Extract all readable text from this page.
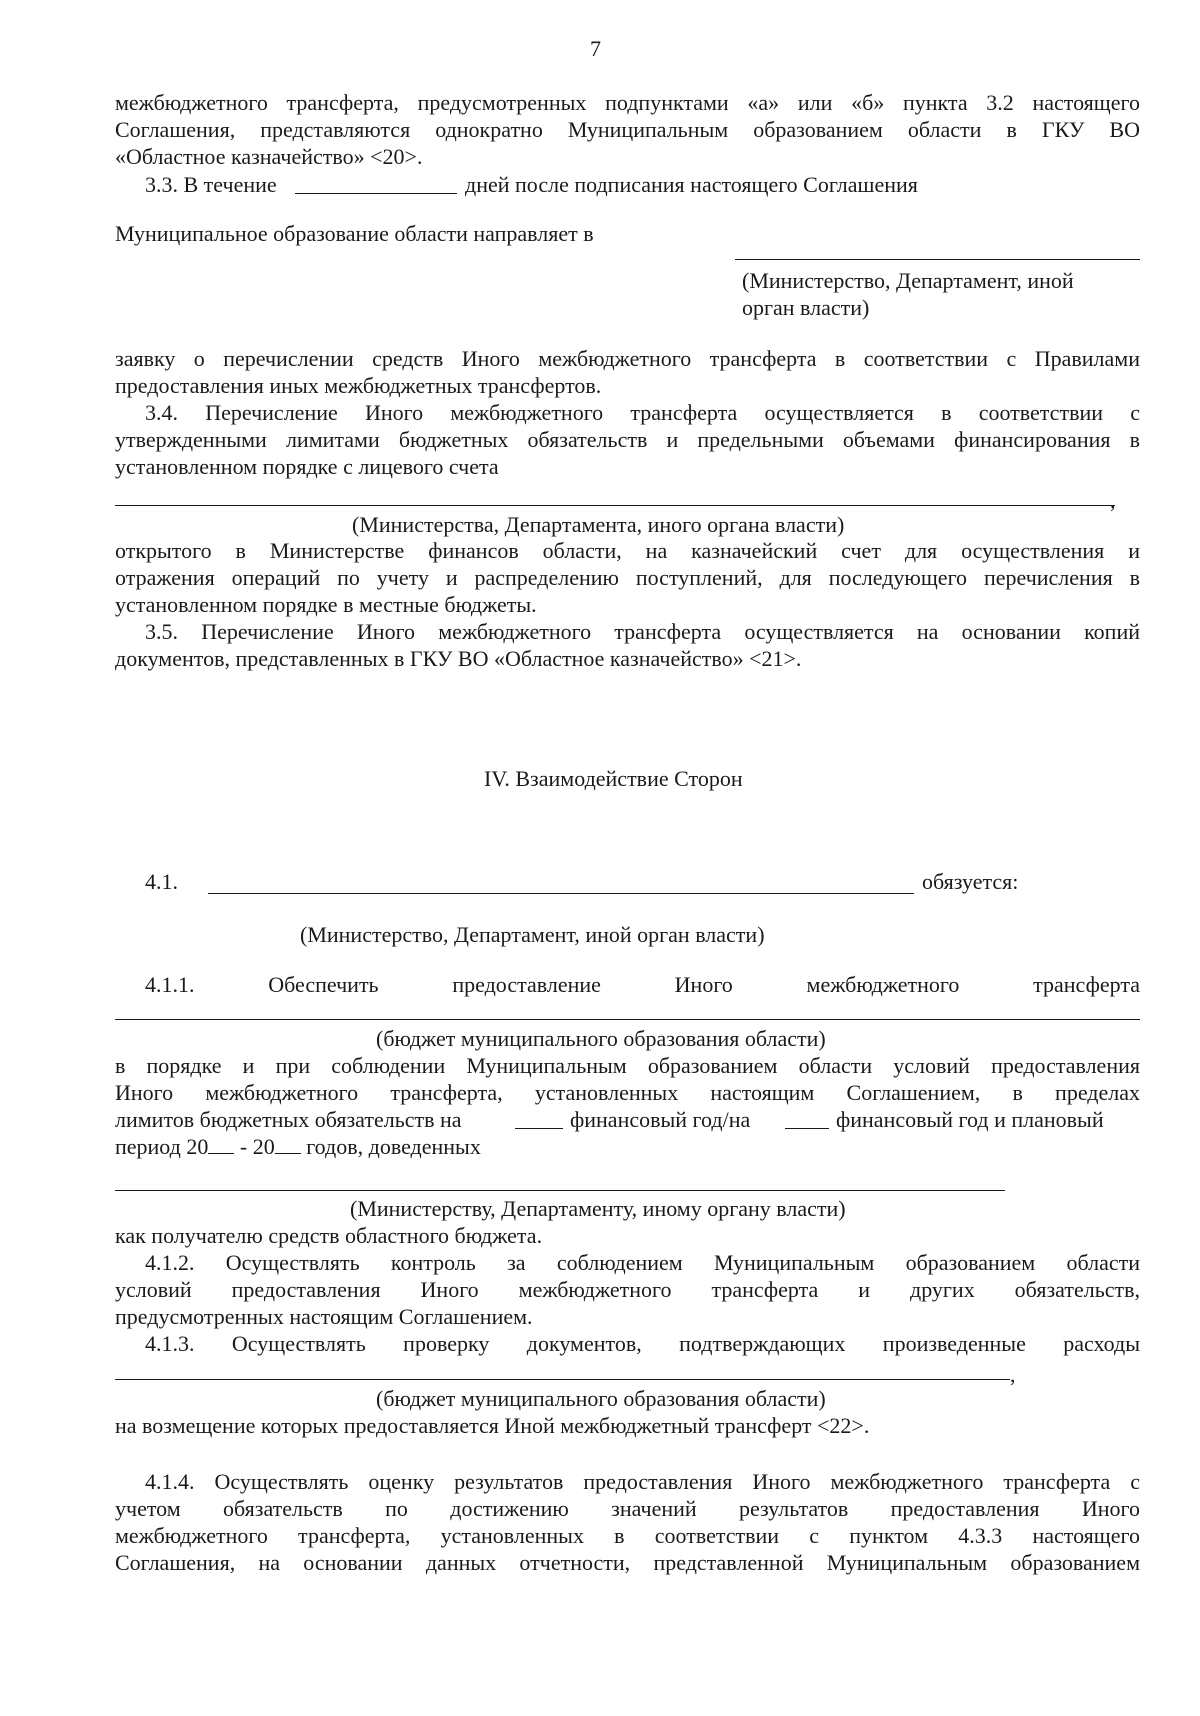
7
межбюджетного трансферта, предусмотренных подпунктами «а» или «б» пункта 3.2 настоящего
Соглашения, представляются однократно Муниципальным образованием области в ГКУ ВО
«Областное казначейство» <20>.
3.3. В течение	дней после подписания настоящего Соглашения
Муниципальное образование области направляет в
(Министерство, Департамент, иной
орган власти)
заявку о перечислении средств Иного межбюджетного трансферта в соответствии с Правилами
предоставления иных межбюджетных трансфертов.
3.4. Перечисление Иного межбюджетного трансферта осуществляется в соответствии с
утвержденными лимитами бюджетных обязательств и предельными объемами финансирования в
установленном порядке с лицевого счета
,
(Министерства, Департамента, иного органа власти)
открытого в Министерстве финансов области, на казначейский счет для осуществления и
отражения операций по учету и распределению поступлений, для последующего перечисления в
установленном порядке в местные бюджеты.
3.5. Перечисление Иного межбюджетного трансферта осуществляется на основании копий
документов, представленных в ГКУ ВО «Областное казначейство» <21>.
IV. Взаимодействие Сторон
4.1.	обязуется:
(Министерство, Департамент, иной орган власти)
4.1.1.	Обеспечить	предоставление	Иного	межбюджетного	трансферта
(бюджет муниципального образования области)
в порядке и при соблюдении Муниципальным образованием области условий предоставления
Иного межбюджетного трансферта, установленных настоящим Соглашением, в пределах
лимитов бюджетных обязательств на	финансовый год/на	финансовый год и плановый
период 20 - 20 годов, доведенных
(Министерству, Департаменту, иному органу власти)
как получателю средств областного бюджета.
4.1.2. Осуществлять контроль за соблюдением Муниципальным образованием области
условий предоставления Иного межбюджетного трансферта и других обязательств,
предусмотренных настоящим Соглашением.
4.1.3. Осуществлять проверку документов, подтверждающих произведенные расходы
,
(бюджет муниципального образования области)
на возмещение которых предоставляется Иной межбюджетный трансферт <22>.
4.1.4. Осуществлять оценку результатов предоставления Иного межбюджетного трансферта с
учетом обязательств по достижению значений результатов предоставления Иного
межбюджетного трансферта, установленных в соответствии с пунктом 4.3.3 настоящего
Соглашения, на основании данных отчетности, представленной Муниципальным образованием
